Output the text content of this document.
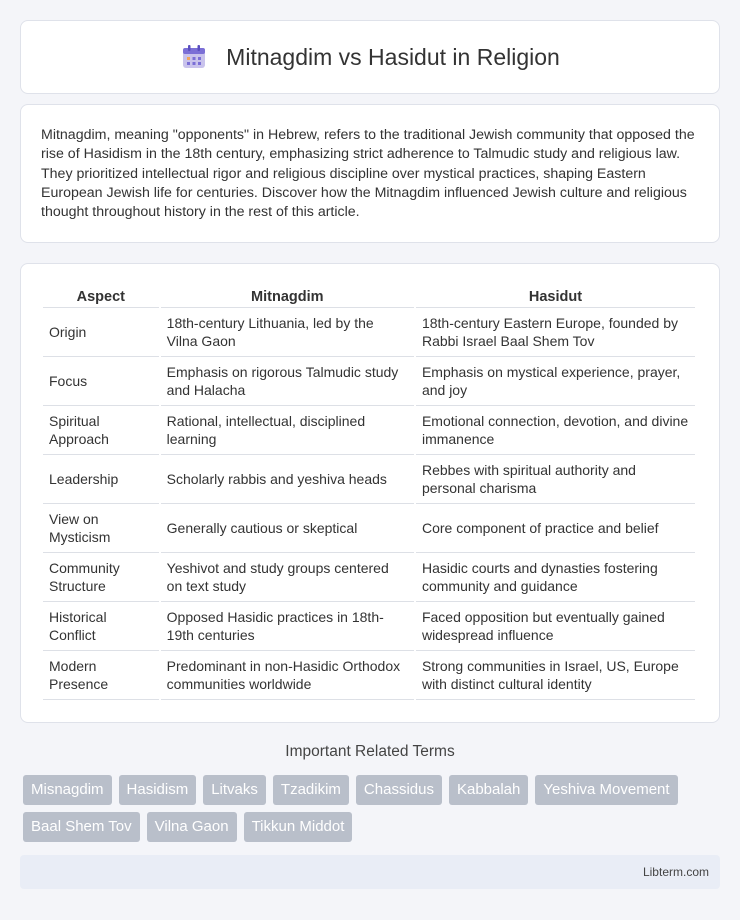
Mitnagdim vs Hasidut in Religion

Mitnagdim, meaning "opponents" in Hebrew, refers to the traditional Jewish community that opposed the rise of Hasidism in the 18th century, emphasizing strict adherence to Talmudic study and religious law. They prioritized intellectual rigor and religious discipline over mystical practices, shaping Eastern European Jewish life for centuries. Discover how the Mitnagdim influenced Jewish culture and religious thought throughout history in the rest of this article.

Aspect	Mitnagdim	Hasidut
Origin	18th-century Lithuania, led by the Vilna Gaon	18th-century Eastern Europe, founded by Rabbi Israel Baal Shem Tov
Focus	Emphasis on rigorous Talmudic study and Halacha	Emphasis on mystical experience, prayer, and joy
Spiritual Approach	Rational, intellectual, disciplined learning	Emotional connection, devotion, and divine immanence
Leadership	Scholarly rabbis and yeshiva heads	Rebbes with spiritual authority and personal charisma
View on Mysticism	Generally cautious or skeptical	Core component of practice and belief
Community Structure	Yeshivot and study groups centered on text study	Hasidic courts and dynasties fostering community and guidance
Historical Conflict	Opposed Hasidic practices in 18th-19th centuries	Faced opposition but eventually gained widespread influence
Modern Presence	Predominant in non-Hasidic Orthodox communities worldwide	Strong communities in Israel, US, Europe with distinct cultural identity
Important Related Terms
Misnagdim	Hasidism	Litvaks	Tzadikim	Chassidus	Kabbalah	Yeshiva Movement
Baal Shem Tov	Vilna Gaon	Tikkun Middot
Libterm.com
